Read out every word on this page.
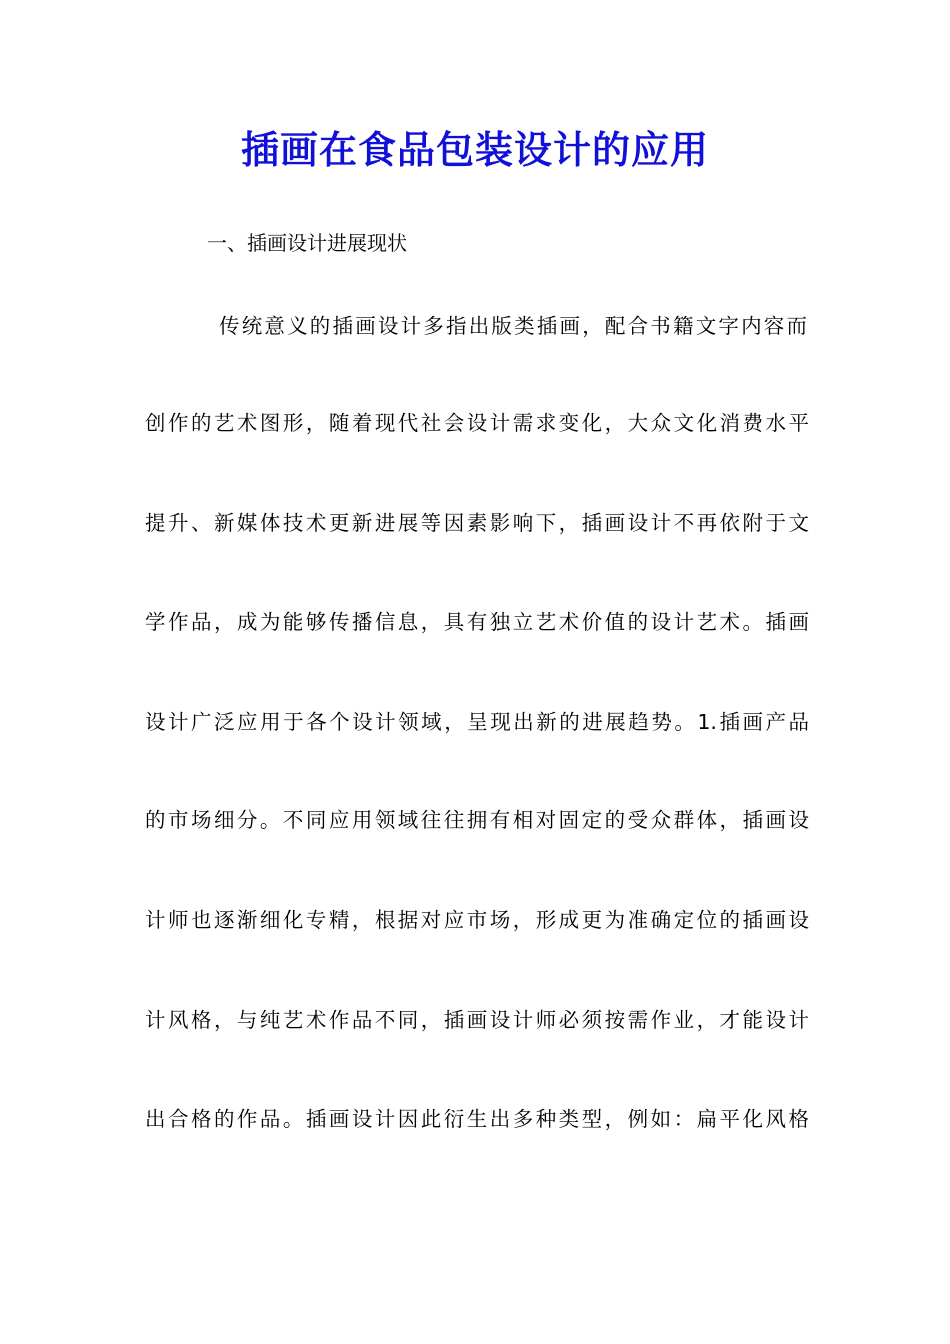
插画在食品包装设计的应用

一、插画设计进展现状

传统意义的插画设计多指出版类插画，配合书籍文字内容而

创作的艺术图形，随着现代社会设计需求变化，大众文化消费水平

提升、新媒体技术更新进展等因素影响下，插画设计不再依附于文

学作品，成为能够传播信息，具有独立艺术价值的设计艺术。插画

设计广泛应用于各个设计领域，呈现出新的进展趋势。1.插画产品

的市场细分。不同应用领域往往拥有相对固定的受众群体，插画设

计师也逐渐细化专精，根据对应市场，形成更为准确定位的插画设

计风格，与纯艺术作品不同，插画设计师必须按需作业，才能设计

出合格的作品。插画设计因此衍生出多种类型，例如：扁平化风格
